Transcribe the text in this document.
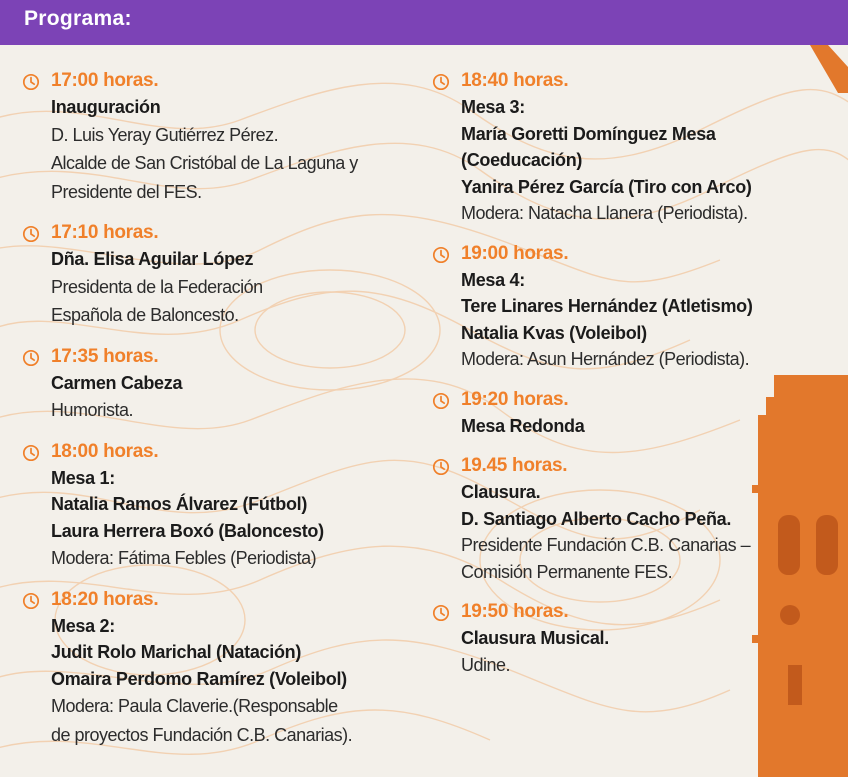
Programa:
17:00 horas.
Inauguración
D. Luis Yeray Gutiérrez Pérez.
Alcalde de San Cristóbal de La Laguna y
Presidente del FES.
17:10 horas.
Dña. Elisa Aguilar López
Presidenta de la Federación
Española de Baloncesto.
17:35 horas.
Carmen Cabeza
Humorista.
18:00 horas.
Mesa 1:
Natalia Ramos Álvarez (Fútbol)
Laura Herrera Boxó (Baloncesto)
Modera: Fátima Febles (Periodista)
18:20 horas.
Mesa 2:
Judit Rolo Marichal (Natación)
Omaira Perdomo Ramírez (Voleibol)
Modera: Paula Claverie.(Responsable
de proyectos Fundación C.B. Canarias).
18:40 horas.
Mesa 3:
María Goretti Domínguez Mesa
(Coeducación)
Yanira Pérez García (Tiro con Arco)
Modera: Natacha Llanera (Periodista).
19:00 horas.
Mesa 4:
Tere Linares Hernández (Atletismo)
Natalia Kvas (Voleibol)
Modera: Asun Hernández (Periodista).
19:20 horas.
Mesa Redonda
19.45 horas.
Clausura.
D. Santiago Alberto Cacho Peña.
Presidente Fundación C.B. Canarias –
Comisión Permanente FES.
19:50 horas.
Clausura Musical.
Udine.
